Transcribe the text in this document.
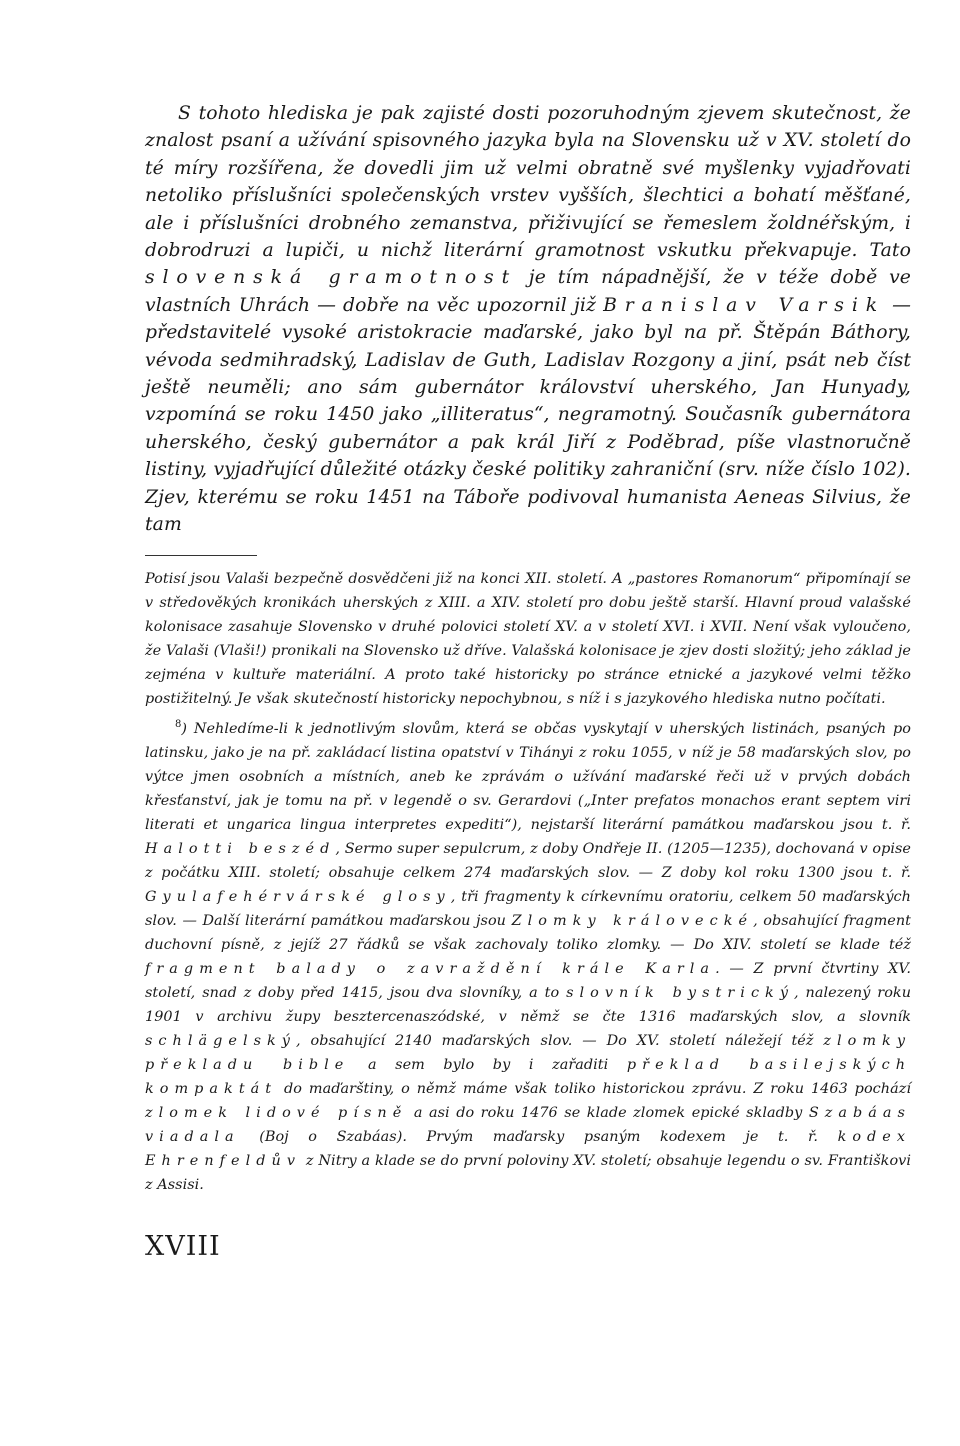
S tohoto hlediska je pak zajisté dosti pozoruhodným zjevem skutečnost, že znalost psaní a užívání spisovného jazyka byla na Slovensku už v XV. století do té míry rozšířena, že dovedli jim už velmi obratně své myšlenky vyjadřovati netoliko příslušníci společenských vrstev vyšších, šlechtici a bohatí měšťané, ale i příslušníci drobného zemanstva, přiživující se řemeslem žoldnéřským, i dobrodruzi a lupiči, u nichž literární gramotnost vskutku překvapuje. Tato slovenská gramotnost je tím nápadnější, že v téže době ve vlastních Uhrách — dobře na věc upozornil již Branislav Varsik — představitelé vysoké aristokracie maďarské, jako byl na př. Štěpán Báthory, vévoda sedmihradský, Ladislav de Guth, Ladislav Rozgony a jiní, psát neb číst ještě neuměli; ano sám gubernátor království uherského, Jan Hunyady, vzpomíná se roku 1450 jako „illiteratus“, negramotný. Současník gubernátora uherského, český gubernátor a pak král Jiří z Poděbrad, píše vlastnoručně listiny, vyjadřující důležité otázky české politiky zahraniční (srv. níže číslo 102). Zjev, kterému se roku 1451 na Táboře podivoval humanista Aeneas Silvius, že tam

Potisí jsou Valaši bezpečně dosvědčeni již na konci XII. století. A „pastores Romanorum“ připomínají se v středověkých kronikách uherských z XIII. a XIV. století pro dobu ještě starší. Hlavní proud valašské kolonisace zasahuje Slovensko v druhé polovici století XV. a v století XVI. i XVII. Není však vyloučeno, že Valaši (Vlaši!) pronikali na Slovensko už dříve. Valašská kolonisace je zjev dosti složitý; jeho základ je zejména v kultuře materiální. A proto také historicky po stránce etnické a jazykové velmi těžko postižitelný. Je však skutečností historicky nepochybnou, s níž i s jazykového hlediska nutno počítati.

$^8$) Nehledíme-li k jednotlivým slovům, která se občas vyskytají v uherských listinách, psaných po latinsku, jako je na př. zakládací listina opatství v Tihányi z roku 1055, v níž je 58 maďarských slov, po výtce jmen osobních a místních, aneb ke zprávám o užívání maďarské řeči už v prvých dobách křesťanství, jak je tomu na př. v legendě o sv. Gerardovi („Inter prefatos monachos erant septem viri literati et ungarica lingua interpretes expediti“), nejstarší literární památkou maďarskou jsou t. ř. Halotti beszéd, Sermo super sepulcrum, z doby Ondřeje II. (1205—1235), dochovaná v opise z počátku XIII. století; obsahuje celkem 274 maďarských slov. — Z doby kol roku 1300 jsou t. ř. Gyulafehérvárské glosy, tři fragmenty k církevnímu oratoriu, celkem 50 maďarských slov. — Další literární památkou maďarskou jsou Zlomky královecké, obsahující fragment duchovní písně, z jejíž 27 řádků se však zachovaly toliko zlomky. — Do XIV. století se klade též fragment balady o zavraždění krále Karla. — Z první čtvrtiny XV. století, snad z doby před 1415, jsou dva slovníky, a to slovník bystrický, nalezený roku 1901 v archivu župy besztercenaszódské, v němž se čte 1316 maďarských slov, a slovník schlägelský, obsahující 2140 maďarských slov. — Do XV. století náležejí též zlomky překladu bible a sem bylo by i zařaditi překlad basilejských kompaktát do maďarštiny, o němž máme však toliko historickou zprávu. Z roku 1463 pochází zlomek lidové písně a asi do roku 1476 se klade zlomek epické skladby Szabáas viadala (Boj o Szabáas). Prvým maďarsky psaným kodexem je t. ř. kodex Ehrenfeldův z Nitry a klade se do první poloviny XV. století; obsahuje legendu o sv. Františkovi z Assisi.

XVIII
